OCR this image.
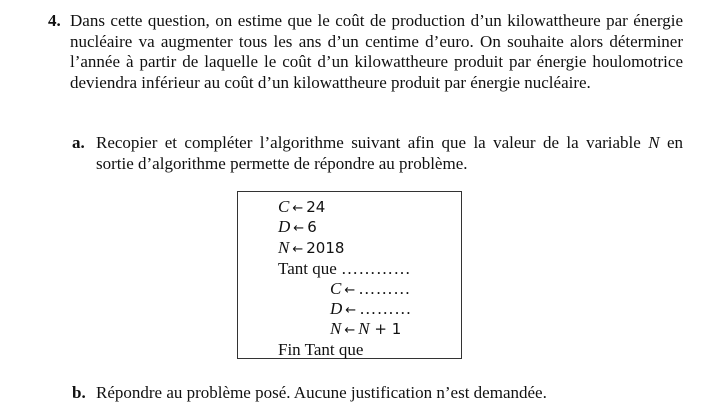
4. Dans cette question, on estime que le coût de production d’un kilowattheure par énergie nucléaire va augmenter tous les ans d’un centime d’euro. On souhaite alors déterminer l’année à partir de laquelle le coût d’un kilowattheure produit par énergie houlomotrice deviendra inférieur au coût d’un kilowattheure produit par énergie nucléaire.
a. Recopier et compléter l’algorithme suivant afin que la valeur de la variable N en sortie d’algorithme permette de répondre au problème.
C ← 24
D ← 6
N ← 2018
Tant que …………
C ← ………
D ← ………
N ← N + 1
Fin Tant que
b. Répondre au problème posé. Aucune justification n’est demandée.
